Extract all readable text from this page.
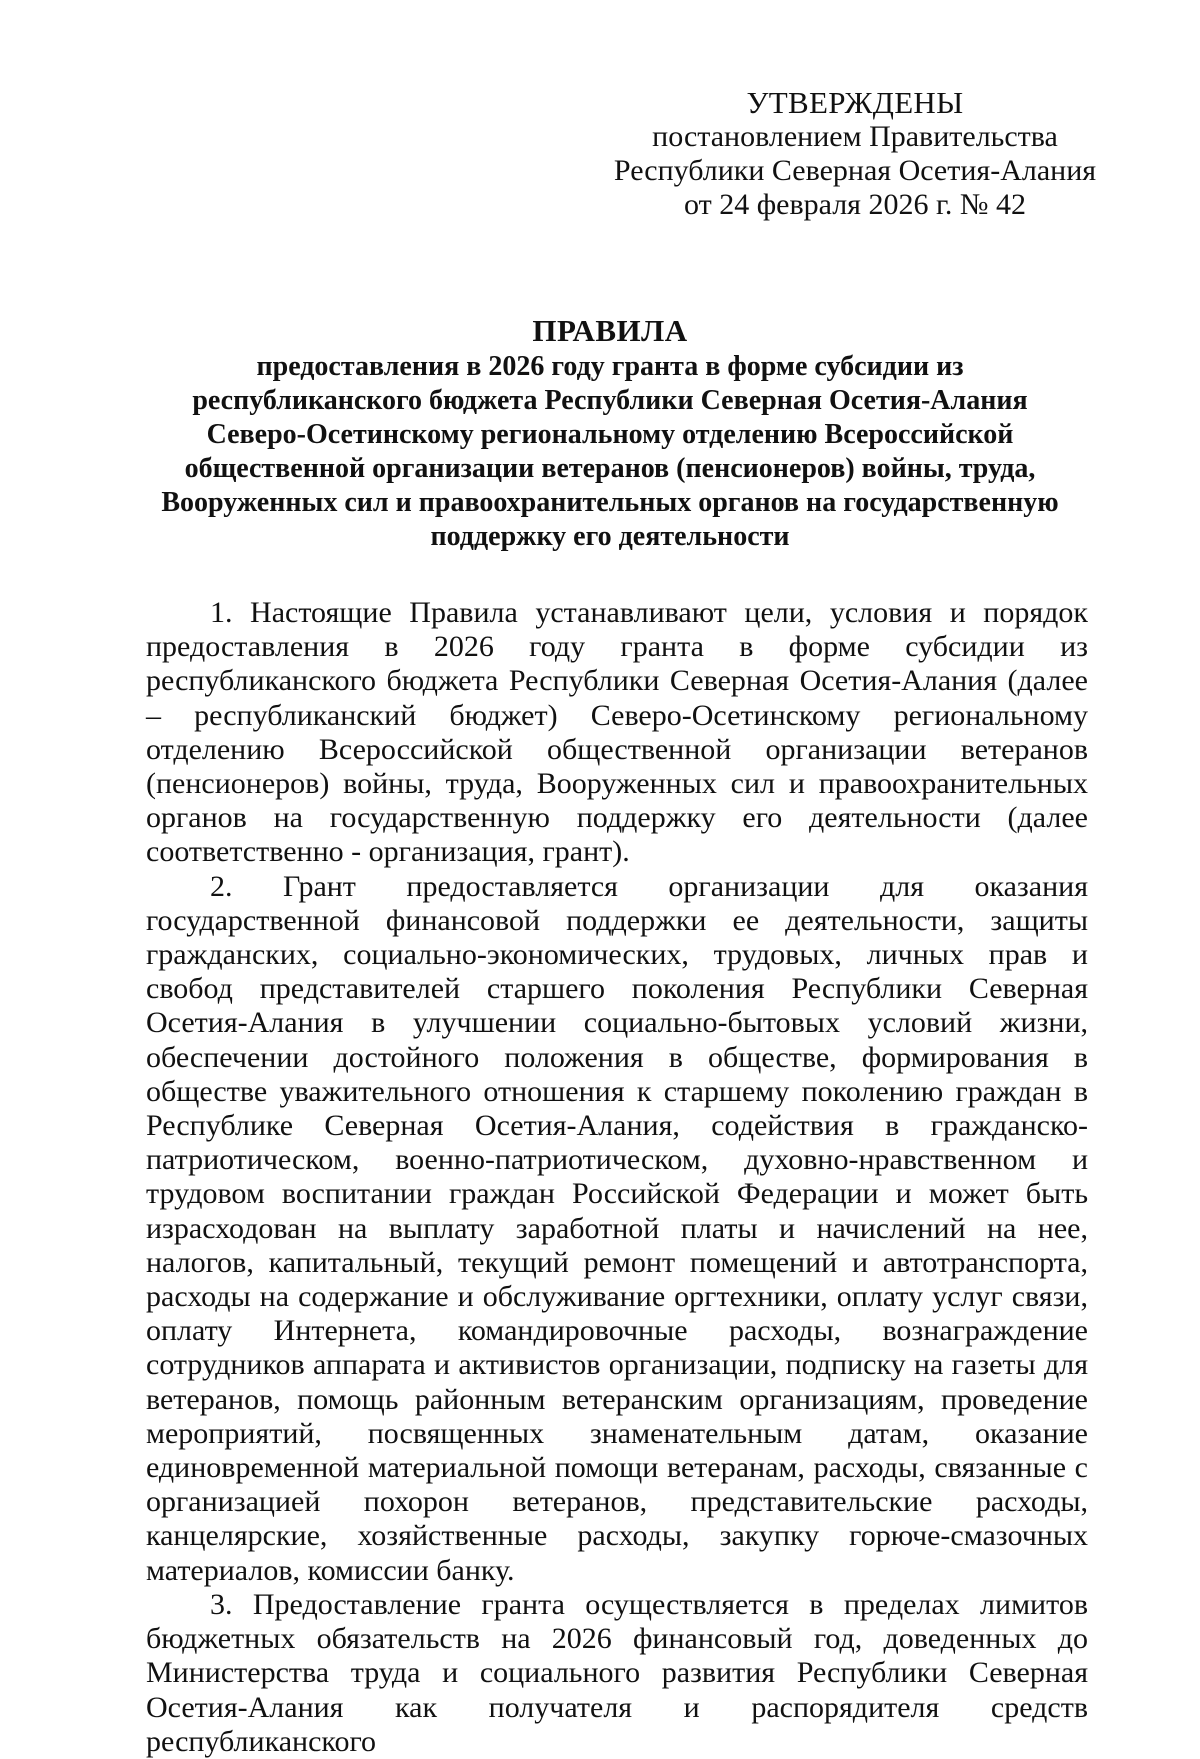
УТВЕРЖДЕНЫ
постановлением Правительства
Республики Северная Осетия-Алания
от 24 февраля 2026 г. № 42
ПРАВИЛА
предоставления в 2026 году гранта в форме субсидии из республиканского бюджета Республики Северная Осетия-Алания Северо-Осетинскому региональному отделению Всероссийской общественной организации ветеранов (пенсионеров) войны, труда, Вооруженных сил и правоохранительных органов на государственную поддержку его деятельности

1. Настоящие Правила устанавливают цели, условия и порядок предоставления в 2026 году гранта в форме субсидии из республиканского бюджета Республики Северная Осетия-Алания (далее – республиканский бюджет) Северо-Осетинскому региональному отделению Всероссийской общественной организации ветеранов (пенсионеров) войны, труда, Вооруженных сил и правоохранительных органов на государственную поддержку его деятельности (далее соответственно - организация, грант).

2. Грант предоставляется организации для оказания государственной финансовой поддержки ее деятельности, защиты гражданских, социально-экономических, трудовых, личных прав и свобод представителей старшего поколения Республики Северная Осетия-Алания в улучшении социально-бытовых условий жизни, обеспечении достойного положения в обществе, формирования в обществе уважительного отношения к старшему поколению граждан в Республике Северная Осетия-Алания, содействия в гражданско-патриотическом, военно-патриотическом, духовно-нравственном и трудовом воспитании граждан Российской Федерации и может быть израсходован на выплату заработной платы и начислений на нее, налогов, капитальный, текущий ремонт помещений и автотранспорта, расходы на содержание и обслуживание оргтехники, оплату услуг связи, оплату Интернета, командировочные расходы, вознаграждение сотрудников аппарата и активистов организации, подписку на газеты для ветеранов, помощь районным ветеранским организациям, проведение мероприятий, посвященных знаменательным датам, оказание единовременной материальной помощи ветеранам, расходы, связанные с организацией похорон ветеранов, представительские расходы, канцелярские, хозяйственные расходы, закупку горюче-смазочных материалов, комиссии банку.

3. Предоставление гранта осуществляется в пределах лимитов бюджетных обязательств на 2026 финансовый год, доведенных до Министерства труда и социального развития Республики Северная Осетия-Алания как получателя и распорядителя средств республиканского
